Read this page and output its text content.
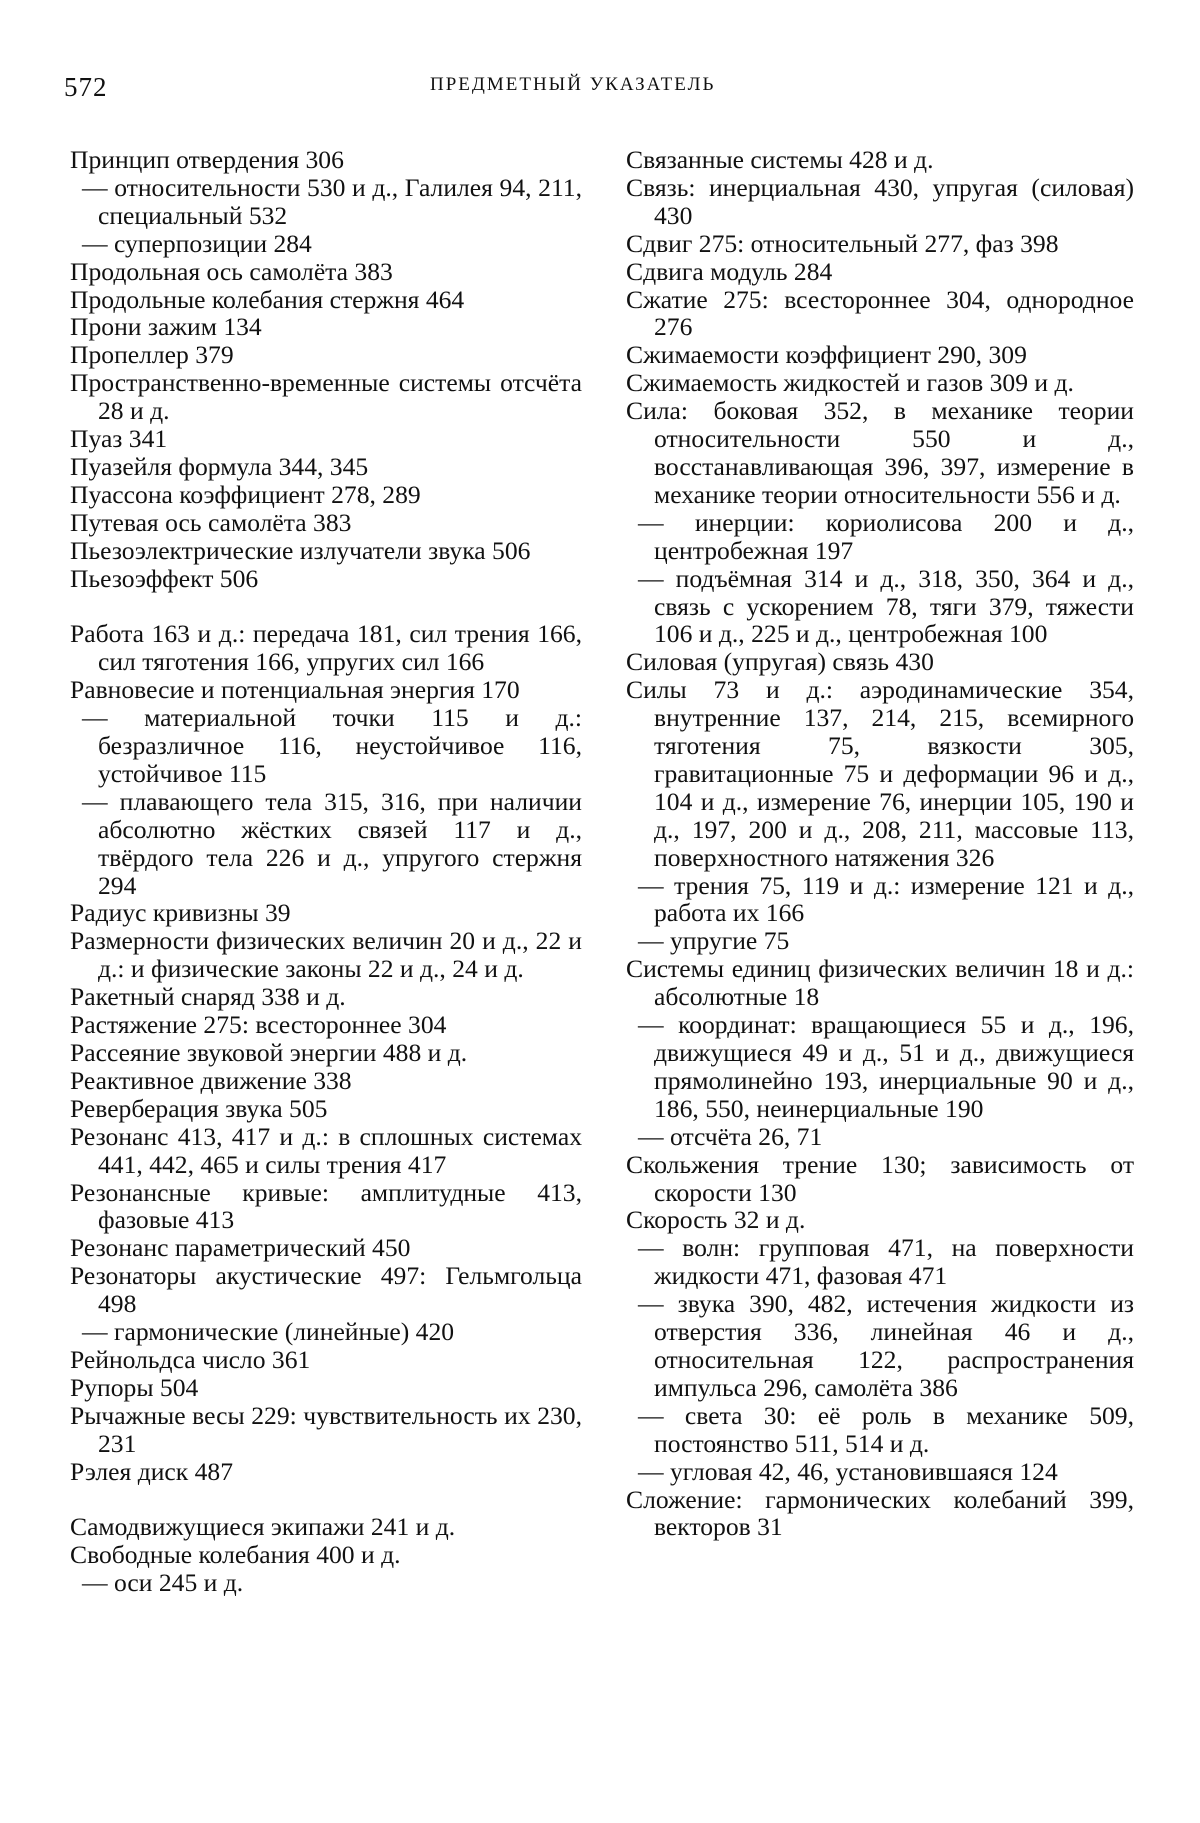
572	ПРЕДМЕТНЫЙ УКАЗАТЕЛЬ
Принцип отвердения 306
— относительности 530 и д., Галилея 94, 211, специальный 532
— суперпозиции 284
Продольная ось самолёта 383
Продольные колебания стержня 464
Прони зажим 134
Пропеллер 379
Пространственно-временные системы отсчёта 28 и д.
Пуаз 341
Пуазейля формула 344, 345
Пуассона коэффициент 278, 289
Путевая ось самолёта 383
Пьезоэлектрические излучатели звука 506
Пьезоэффект 506
Работа 163 и д.: передача 181, сил трения 166, сил тяготения 166, упругих сил 166
Равновесие и потенциальная энергия 170
— материальной точки 115 и д.: безразличное 116, неустойчивое 116, устойчивое 115
— плавающего тела 315, 316, при наличии абсолютно жёстких связей 117 и д., твёрдого тела 226 и д., упругого стержня 294
Радиус кривизны 39
Размерности физических величин 20 и д., 22 и д.: и физические законы 22 и д., 24 и д.
Ракетный снаряд 338 и д.
Растяжение 275: всестороннее 304
Рассеяние звуковой энергии 488 и д.
Реактивное движение 338
Реверберация звука 505
Резонанс 413, 417 и д.: в сплошных системах 441, 442, 465 и силы трения 417
Резонансные кривые: амплитудные 413, фазовые 413
Резонанс параметрический 450
Резонаторы акустические 497: Гельмгольца 498
— гармонические (линейные) 420
Рейнольдса число 361
Рупоры 504
Рычажные весы 229: чувствительность их 230, 231
Рэлея диск 487
Самодвижущиеся экипажи 241 и д.
Свободные колебания 400 и д.
— оси 245 и д.
Связанные системы 428 и д.
Связь: инерциальная 430, упругая (силовая) 430
Сдвиг 275: относительный 277, фаз 398
Сдвига модуль 284
Сжатие 275: всестороннее 304, однородное 276
Сжимаемости коэффициент 290, 309
Сжимаемость жидкостей и газов 309 и д.
Сила: боковая 352, в механике теории относительности 550 и д., восстанавливающая 396, 397, измерение в механике теории относительности 556 и д.
— инерции: кориолисова 200 и д., центробежная 197
— подъёмная 314 и д., 318, 350, 364 и д., связь с ускорением 78, тяги 379, тяжести 106 и д., 225 и д., центробежная 100
Силовая (упругая) связь 430
Силы 73 и д.: аэродинамические 354, внутренние 137, 214, 215, всемирного тяготения 75, вязкости 305, гравитационные 75 и деформации 96 и д., 104 и д., измерение 76, инерции 105, 190 и д., 197, 200 и д., 208, 211, массовые 113, поверхностного натяжения 326
— трения 75, 119 и д.: измерение 121 и д., работа их 166
— упругие 75
Системы единиц физических величин 18 и д.: абсолютные 18
— координат: вращающиеся 55 и д., 196, движущиеся 49 и д., 51 и д., движущиеся прямолинейно 193, инерциальные 90 и д., 186, 550, неинерциальные 190
— отсчёта 26, 71
Скольжения трение 130; зависимость от скорости 130
Скорость 32 и д.
— волн: групповая 471, на поверхности жидкости 471, фазовая 471
— звука 390, 482, истечения жидкости из отверстия 336, линейная 46 и д., относительная 122, распространения импульса 296, самолёта 386
— света 30: её роль в механике 509, постоянство 511, 514 и д.
— угловая 42, 46, установившаяся 124
Сложение: гармонических колебаний 399, векторов 31
